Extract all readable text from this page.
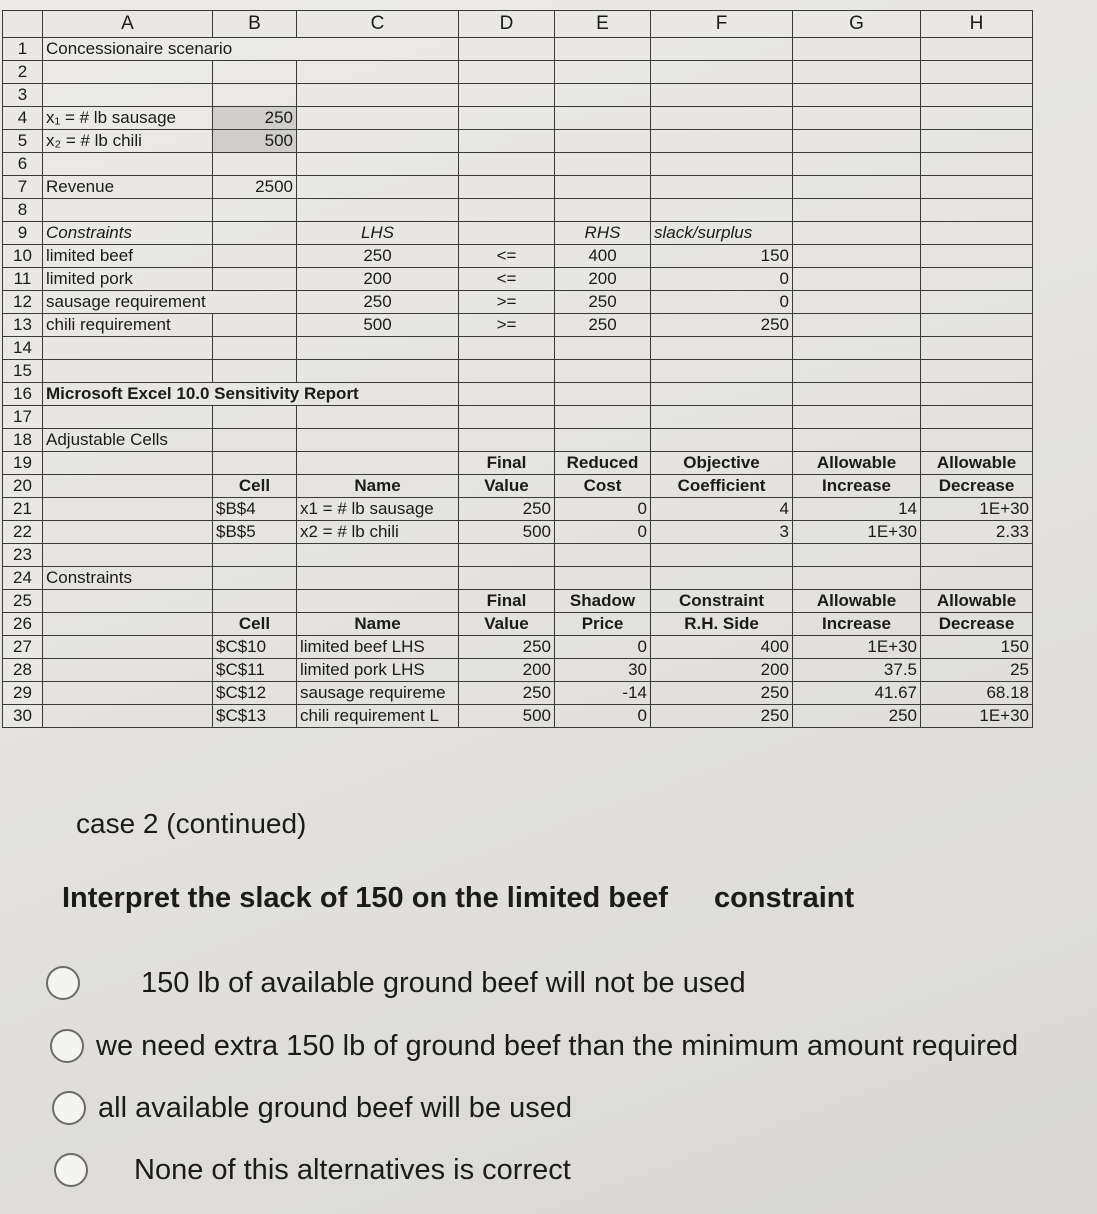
	A	B	C	D	E	F	G	H
1	Concessionaire scenario							
2								
3								
4	x₁ = # lb sausage	250						
5	x₂ = # lb chili	500						
6								
7	Revenue	2500						
8								
9	Constraints		LHS		RHS	slack/surplus		
10	limited beef		250	<=	400	150		
11	limited pork		200	<=	200	0		
12	sausage requirement		250	>=	250	0		
13	chili requirement		500	>=	250	250		
14								
15								
16	Microsoft Excel 10.0 Sensitivity Report							
17								
18	Adjustable Cells							
19				Final	Reduced	Objective	Allowable	Allowable
20		Cell	Name	Value	Cost	Coefficient	Increase	Decrease
21		$B$4	x1 = # lb sausage	250	0	4	14	1E+30
22		$B$5	x2 = # lb chili	500	0	3	1E+30	2.33
23								
24	Constraints							
25				Final	Shadow	Constraint	Allowable	Allowable
26		Cell	Name	Value	Price	R.H. Side	Increase	Decrease
27		$C$10	limited beef LHS	250	0	400	1E+30	150
28		$C$11	limited pork LHS	200	30	200	37.5	25
29		$C$12	sausage requireme	250	-14	250	41.67	68.18
30		$C$13	chili requirement L	500	0	250	250	1E+30
case 2 (continued)
Interpret the slack of 150 on the limited beef constraint
150 lb of available ground beef will not be used
we need extra 150 lb of ground beef than the minimum amount required
all available ground beef will be used
None of this alternatives is correct
